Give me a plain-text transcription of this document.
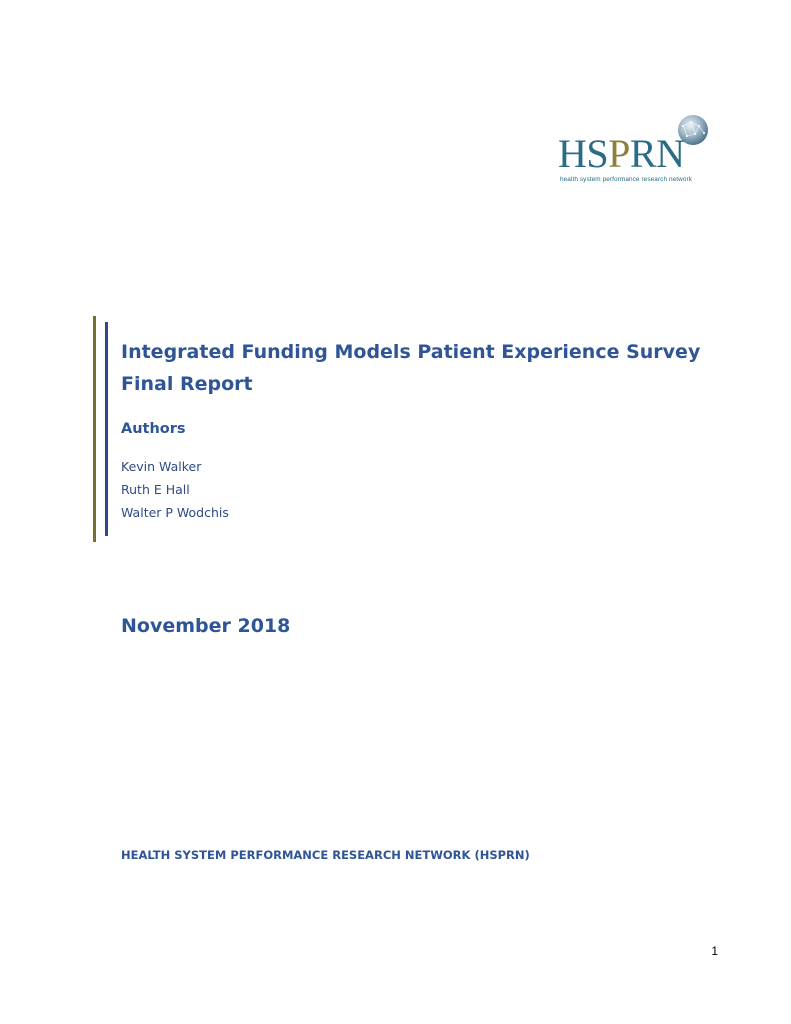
HSPRN
health system performance research network
Integrated Funding Models Patient Experience Survey Final Report
Authors
Kevin Walker
Ruth E Hall
Walter P Wodchis
November 2018
HEALTH SYSTEM PERFORMANCE RESEARCH NETWORK (HSPRN)
1
